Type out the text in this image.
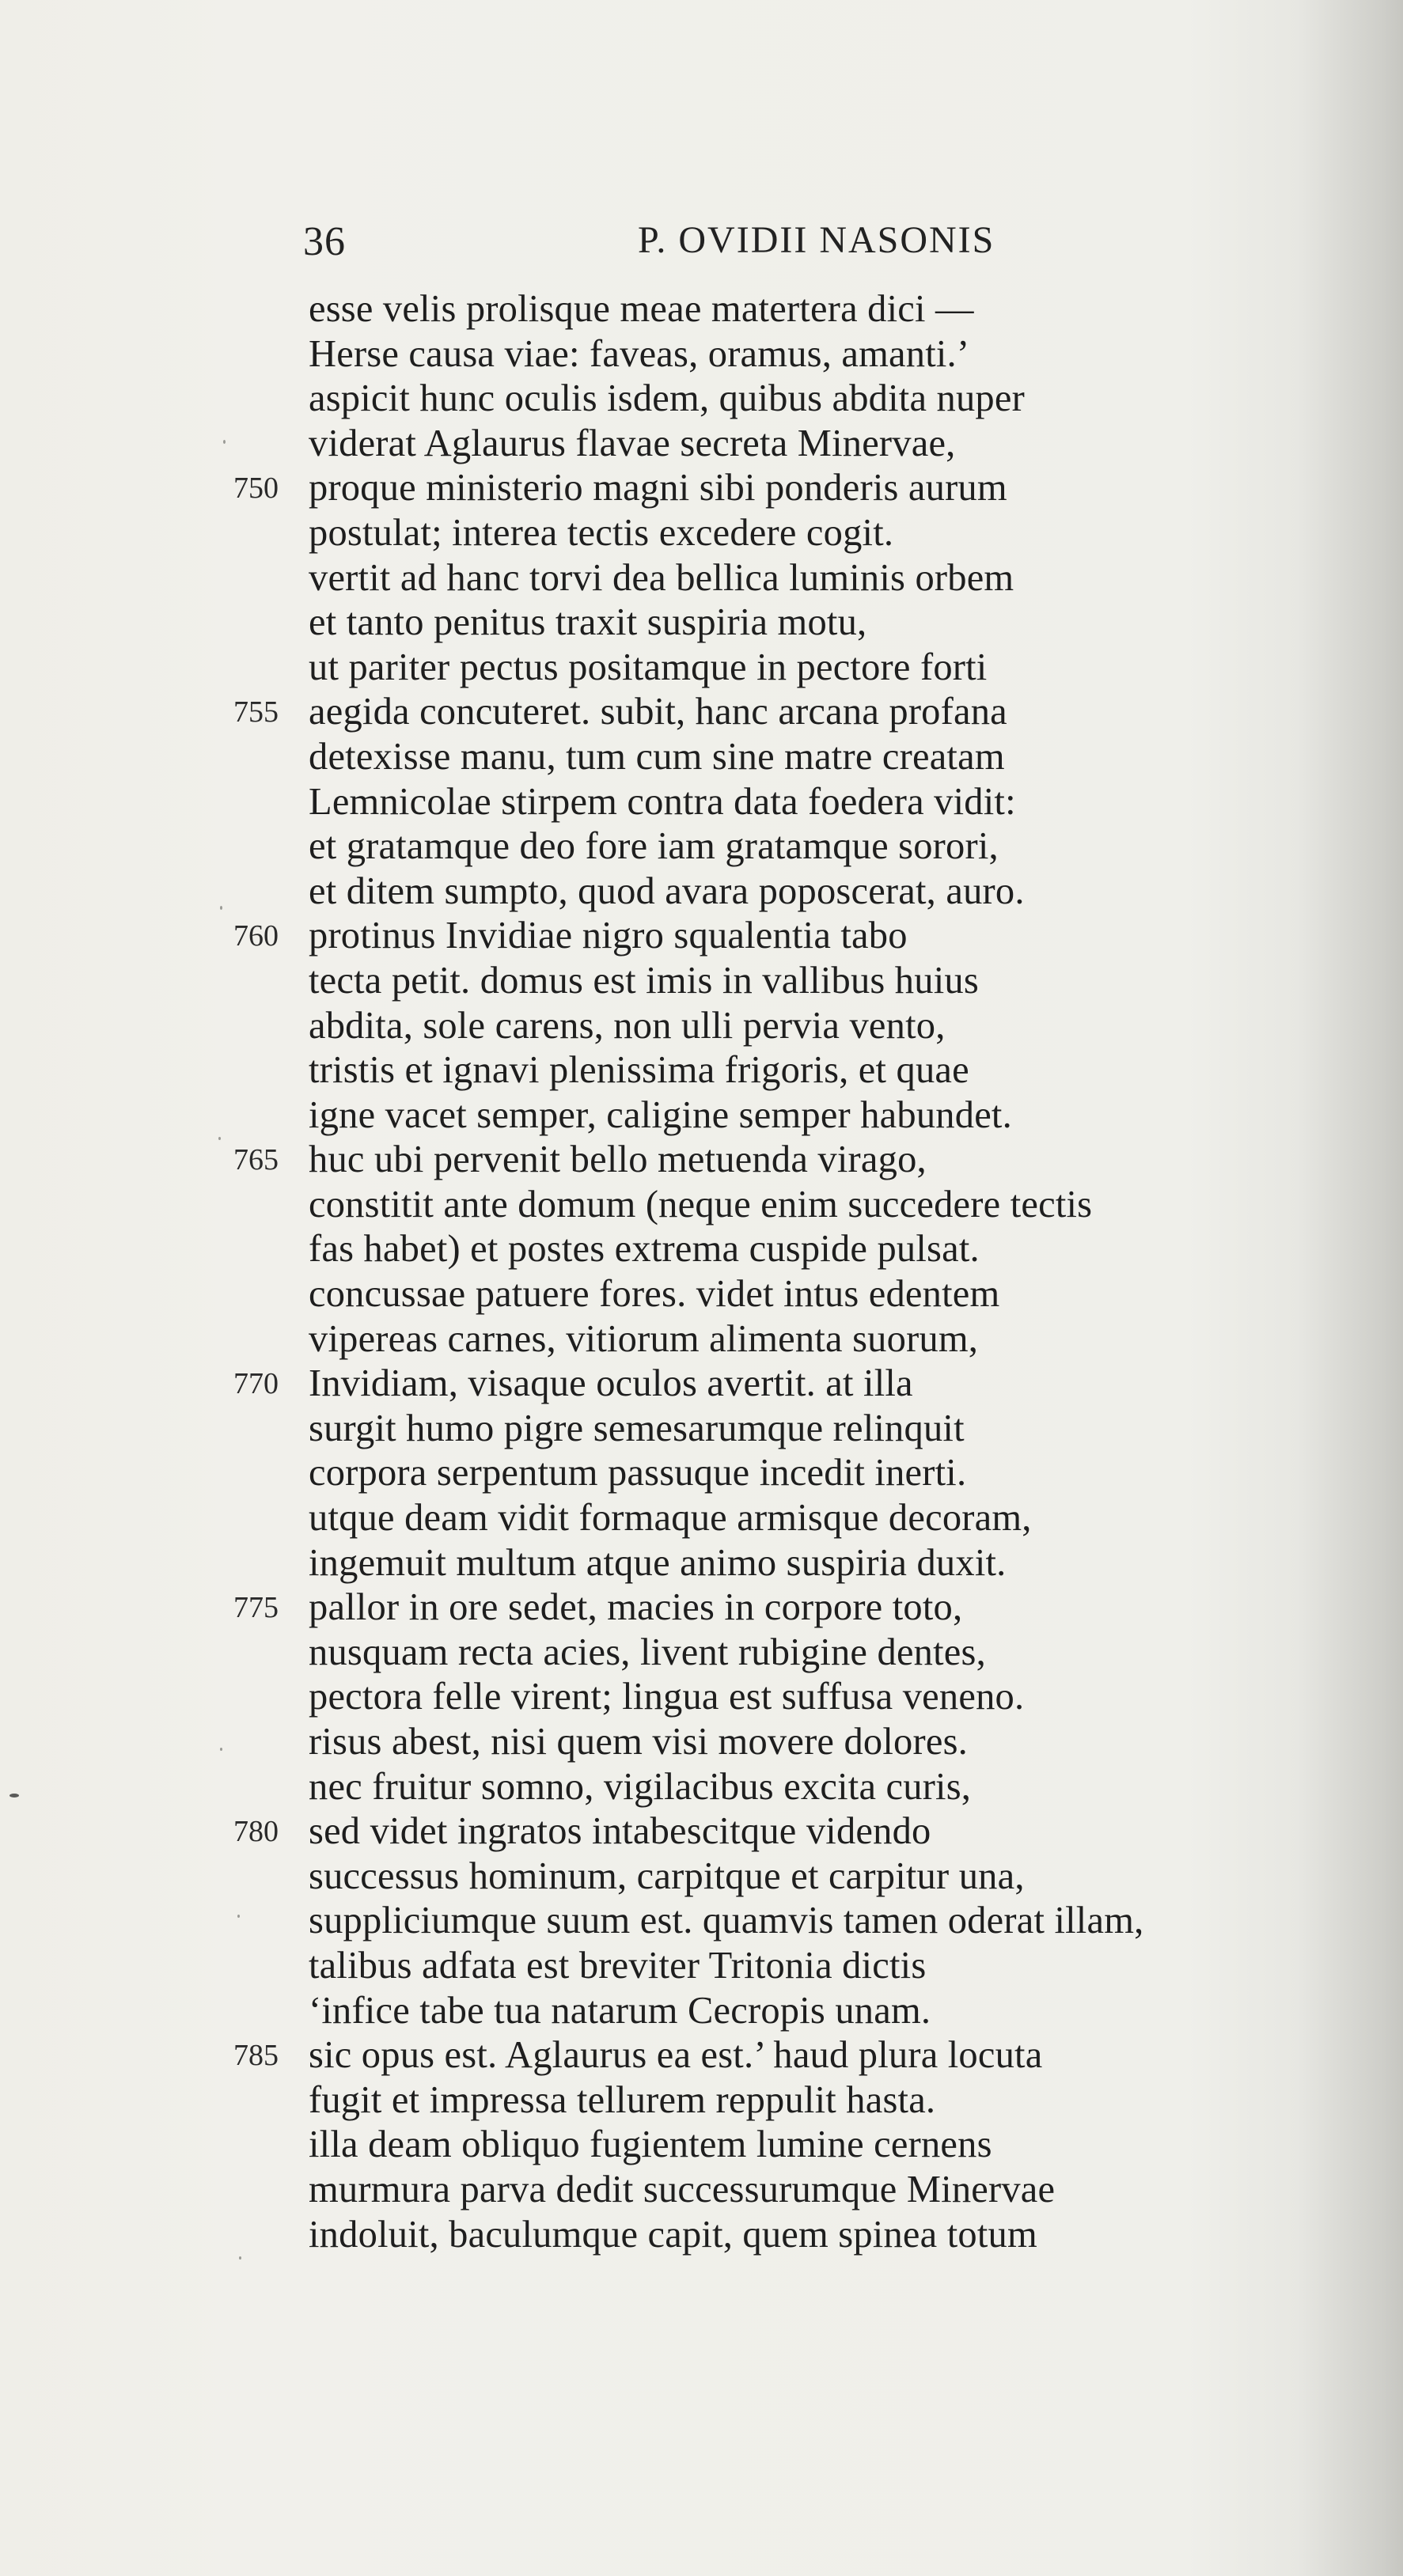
36	P. OVIDII NASONIS
esse velis prolisque meae matertera dici —
Herse causa viae: faveas, oramus, amanti.’
aspicit hunc oculis isdem, quibus abdita nuper
viderat Aglaurus flavae secreta Minervae,
750 proque ministerio magni sibi ponderis aurum
postulat; interea tectis excedere cogit.
vertit ad hanc torvi dea bellica luminis orbem
et tanto penitus traxit suspiria motu,
ut pariter pectus positamque in pectore forti
755 aegida concuteret. subit, hanc arcana profana
detexisse manu, tum cum sine matre creatam
Lemnicolae stirpem contra data foedera vidit:
et gratamque deo fore iam gratamque sorori,
et ditem sumpto, quod avara poposcerat, auro.
760 protinus Invidiae nigro squalentia tabo
tecta petit. domus est imis in vallibus huius
abdita, sole carens, non ulli pervia vento,
tristis et ignavi plenissima frigoris, et quae
igne vacet semper, caligine semper habundet.
765 huc ubi pervenit bello metuenda virago,
constitit ante domum (neque enim succedere tectis
fas habet) et postes extrema cuspide pulsat.
concussae patuere fores. videt intus edentem
vipereas carnes, vitiorum alimenta suorum,
770 Invidiam, visaque oculos avertit. at illa
surgit humo pigre semesarumque relinquit
corpora serpentum passuque incedit inerti.
utque deam vidit formaque armisque decoram,
ingemuit multum atque animo suspiria duxit.
775 pallor in ore sedet, macies in corpore toto,
nusquam recta acies, livent rubigine dentes,
pectora felle virent; lingua est suffusa veneno.
risus abest, nisi quem visi movere dolores.
nec fruitur somno, vigilacibus excita curis,
780 sed videt ingratos intabescitque videndo
successus hominum, carpitque et carpitur una,
suppliciumque suum est. quamvis tamen oderat illam,
talibus adfata est breviter Tritonia dictis
‘infice tabe tua natarum Cecropis unam.
785 sic opus est. Aglaurus ea est.’ haud plura locuta
fugit et impressa tellurem reppulit hasta.
illa deam obliquo fugientem lumine cernens
murmura parva dedit successurumque Minervae
indoluit, baculumque capit, quem spinea totum
